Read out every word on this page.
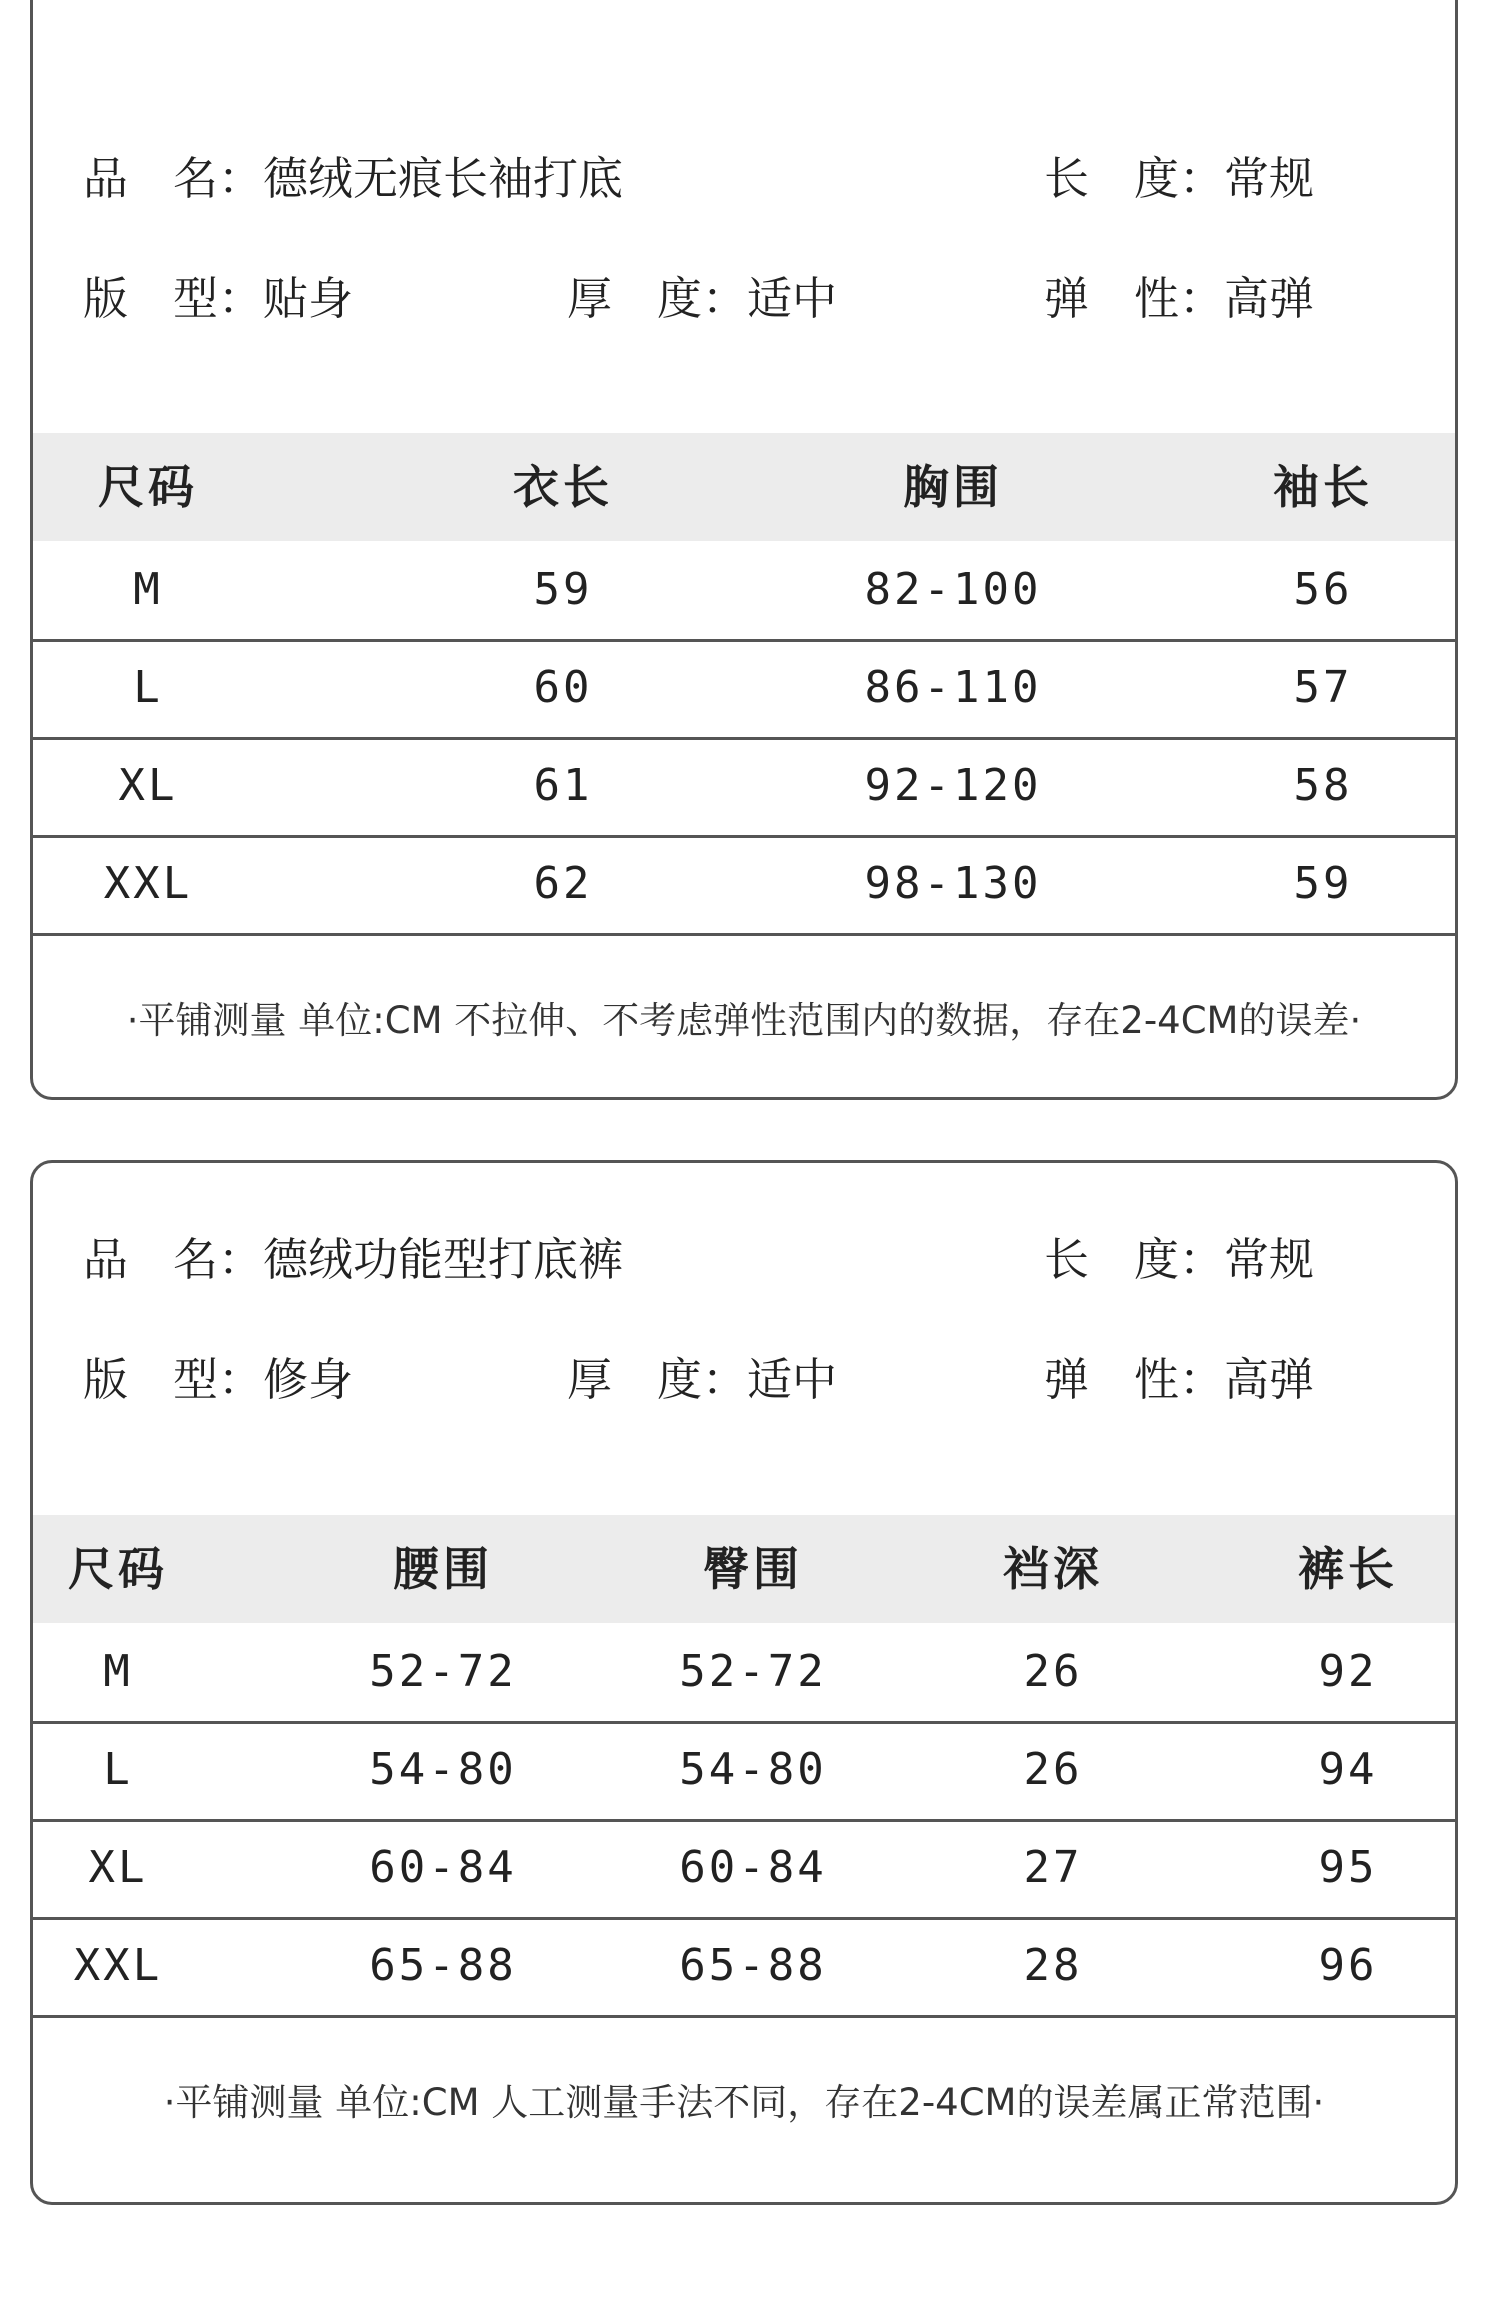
品　名：德绒无痕长袖打底	长　度：常规
版　型：贴身	厚　度：适中	弹　性：高弹
尺码	衣长	胸围	袖长
M	59	82-100	56
L	60	86-110	57
XL	61	92-120	58
XXL	62	98-130	59
·平铺测量 单位:CM 不拉伸、不考虑弹性范围内的数据，存在2-4CM的误差·
品　名：德绒功能型打底裤	长　度：常规
版　型：修身	厚　度：适中	弹　性：高弹
尺码	腰围	臀围	裆深	裤长
M	52-72	52-72	26	92
L	54-80	54-80	26	94
XL	60-84	60-84	27	95
XXL	65-88	65-88	28	96
·平铺测量 单位:CM 人工测量手法不同，存在2-4CM的误差属正常范围·
